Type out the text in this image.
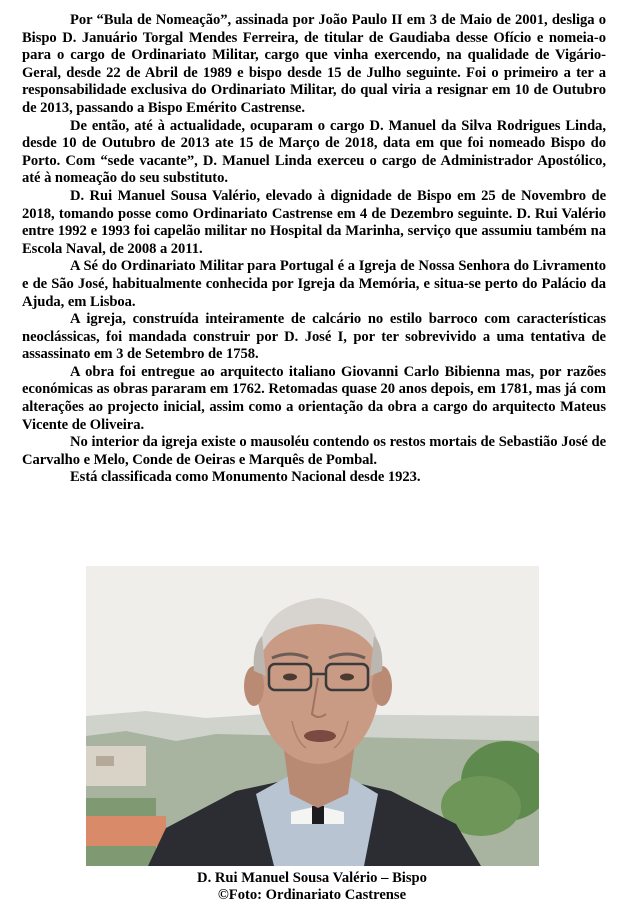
Por “Bula de Nomeação”, assinada por João Paulo II em 3 de Maio de 2001, desliga o Bispo D. Januário Torgal Mendes Ferreira, de titular de Gaudiaba desse Ofício e nomeia-o para o cargo de Ordinariato Militar, cargo que vinha exercendo, na qualidade de Vigário-Geral, desde 22 de Abril de 1989 e bispo desde 15 de Julho seguinte. Foi o primeiro a ter a responsabilidade exclusiva do Ordinariato Militar, do qual viria a resignar em 10 de Outubro de 2013, passando a Bispo Emérito Castrense.

De então, até à actualidade, ocuparam o cargo D. Manuel da Silva Rodrigues Linda, desde 10 de Outubro de 2013 ate 15 de Março de 2018, data em que foi nomeado Bispo do Porto. Com “sede vacante”, D. Manuel Linda exerceu o cargo de Administrador Apostólico, até à nomeação do seu substituto.

D. Rui Manuel Sousa Valério, elevado à dignidade de Bispo em 25 de Novembro de 2018, tomando posse como Ordinariato Castrense em 4 de Dezembro seguinte. D. Rui Valério entre 1992 e 1993 foi capelão militar no Hospital da Marinha, serviço que assumiu também na Escola Naval, de 2008 a 2011.

A Sé do Ordinariato Militar para Portugal é a Igreja de Nossa Senhora do Livramento e de São José, habitualmente conhecida por Igreja da Memória, e situa-se perto do Palácio da Ajuda, em Lisboa.

A igreja, construída inteiramente de calcário no estilo barroco com características neoclássicas, foi mandada construir por D. José I, por ter sobrevivido a uma tentativa de assassinato em 3 de Setembro de 1758.

A obra foi entregue ao arquitecto italiano Giovanni Carlo Bibienna mas, por razões económicas as obras pararam em 1762. Retomadas quase 20 anos depois, em 1781, mas já com alterações ao projecto inicial, assim como a orientação da obra a cargo do arquitecto Mateus Vicente de Oliveira.

No interior da igreja existe o mausoléu contendo os restos mortais de Sebastião José de Carvalho e Melo, Conde de Oeiras e Marquês de Pombal.

Está classificada como Monumento Nacional desde 1923.

D. Rui Manuel Sousa Valério – Bispo
©Foto: Ordinariato Castrense
